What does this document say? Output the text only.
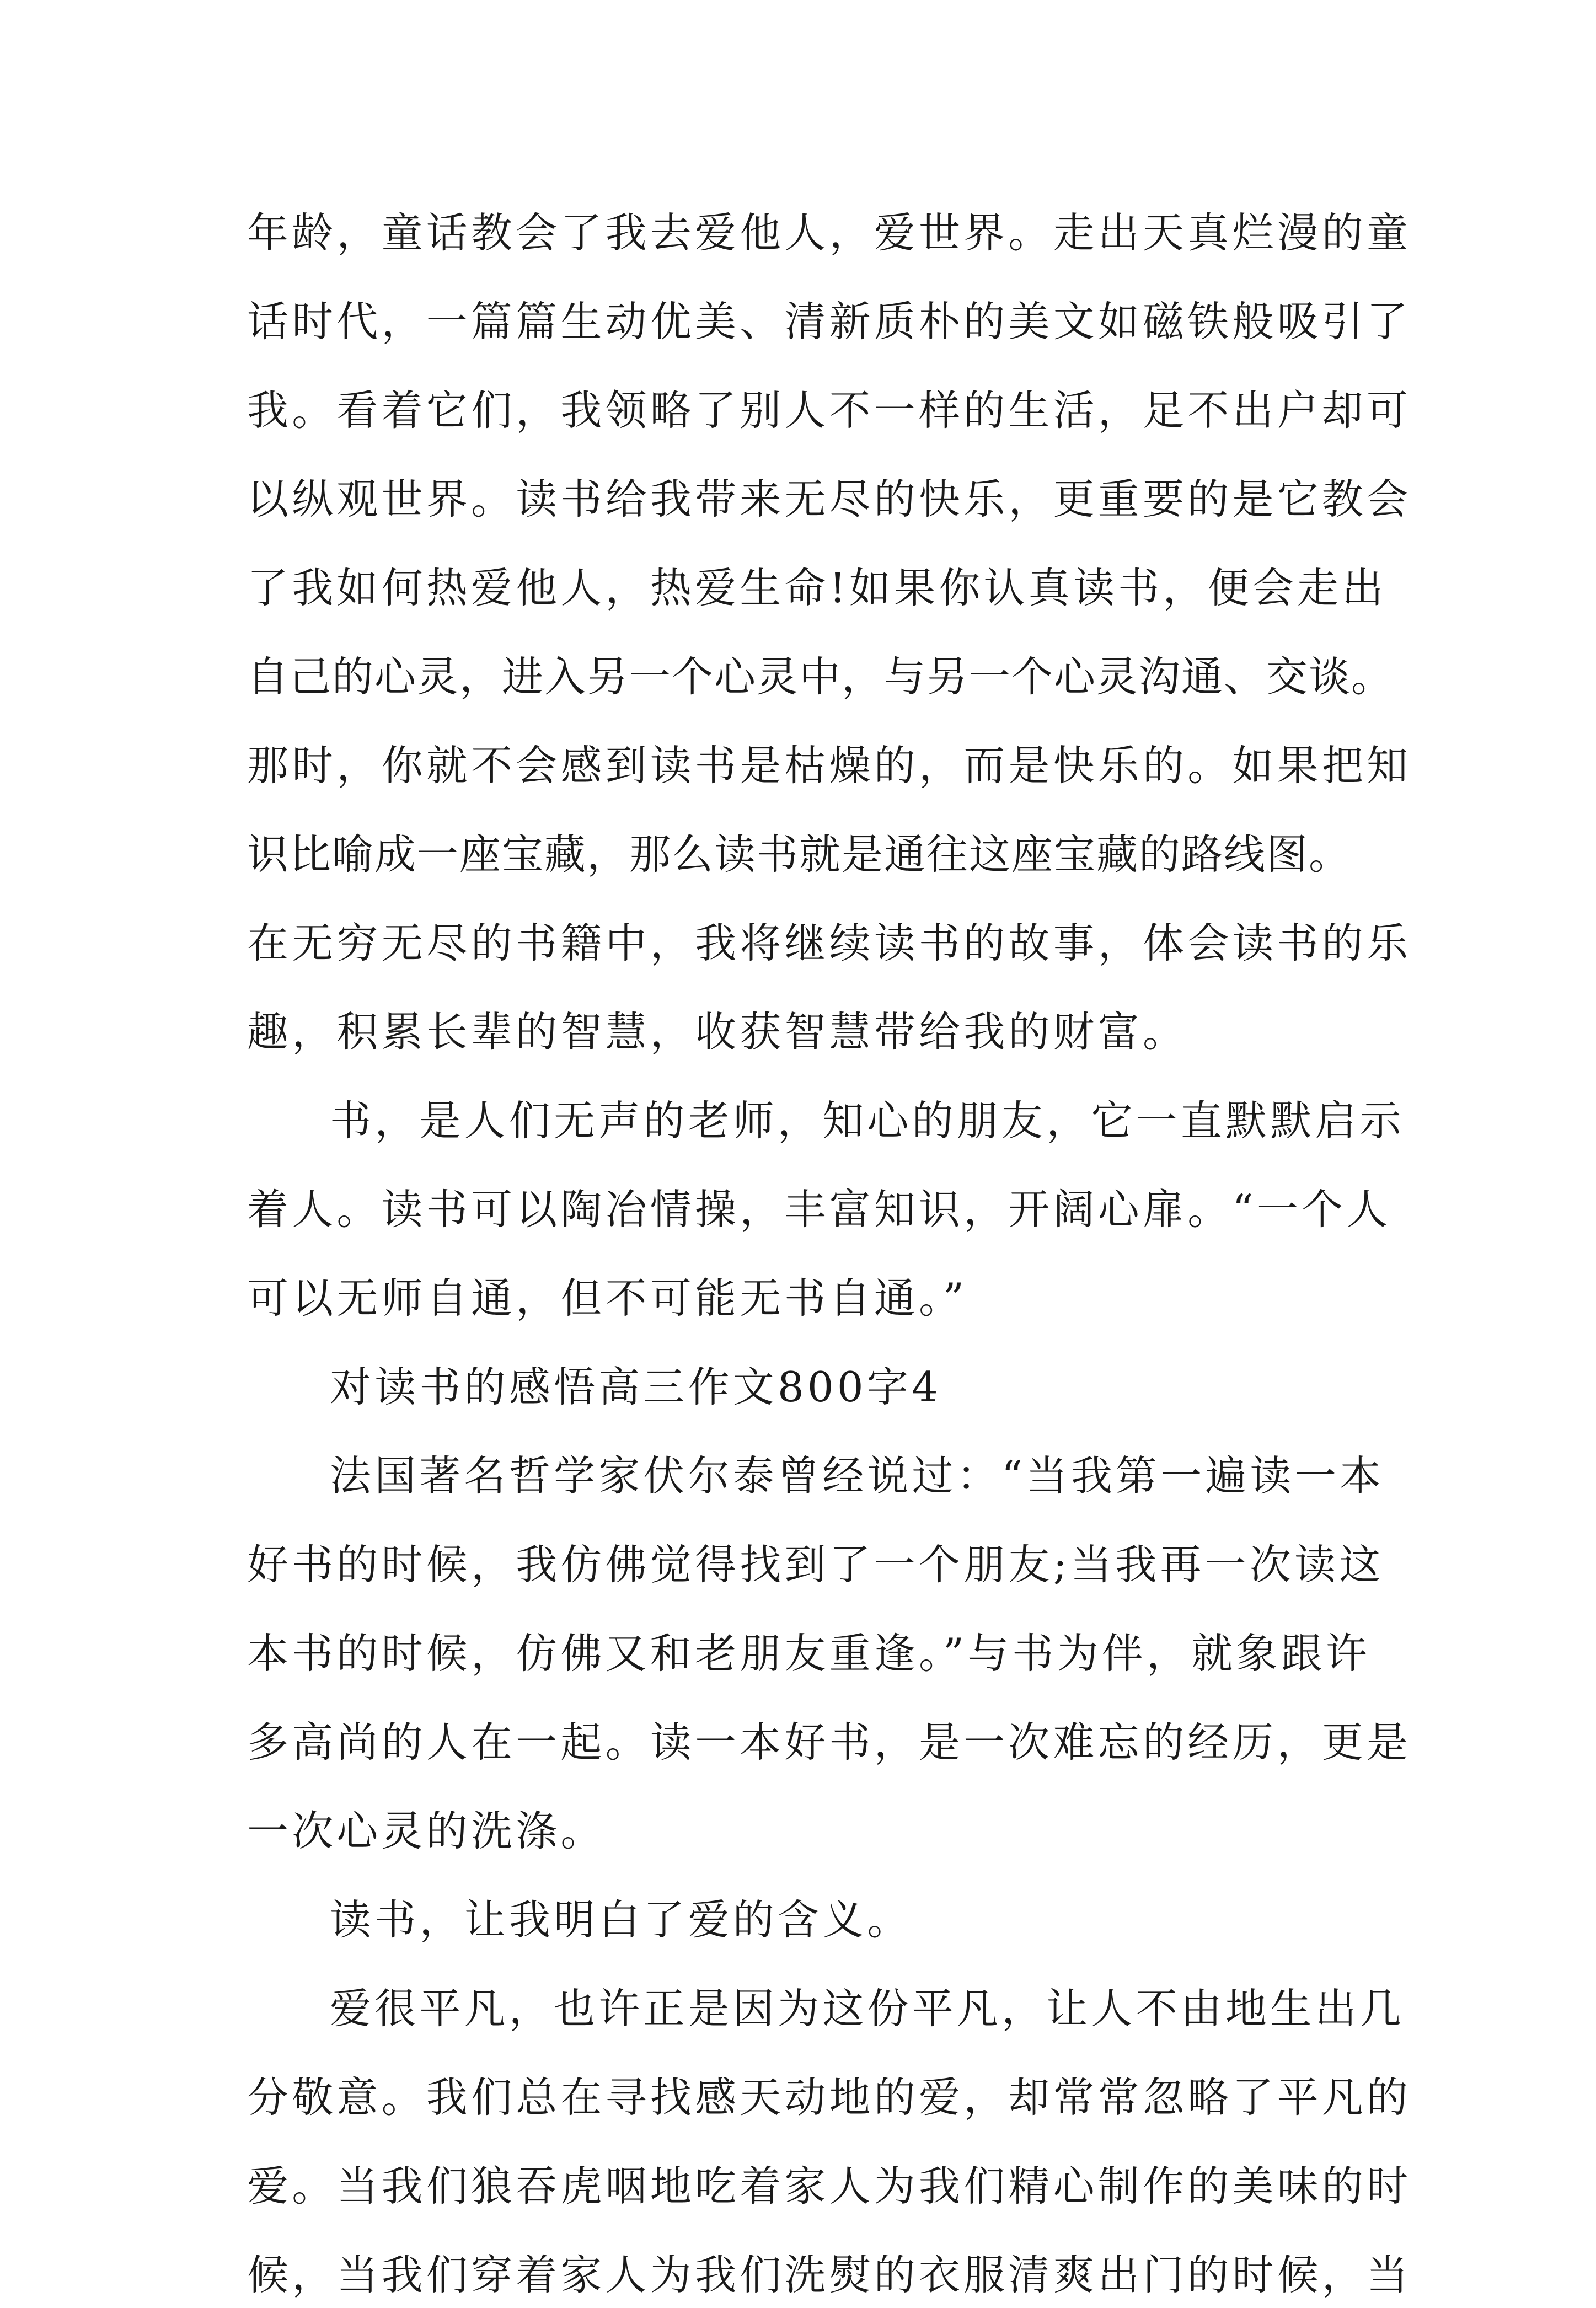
年龄，童话教会了我去爱他人，爱世界。走出天真烂漫的童
话时代，一篇篇生动优美、清新质朴的美文如磁铁般吸引了
我。看着它们，我领略了别人不一样的生活，足不出户却可
以纵观世界。读书给我带来无尽的快乐，更重要的是它教会
了我如何热爱他人，热爱生命!如果你认真读书，便会走出
自己的心灵，进入另一个心灵中，与另一个心灵沟通、交谈。
那时，你就不会感到读书是枯燥的，而是快乐的。如果把知
识比喻成一座宝藏，那么读书就是通往这座宝藏的路线图。
在无穷无尽的书籍中，我将继续读书的故事，体会读书的乐
趣，积累长辈的智慧，收获智慧带给我的财富。
书，是人们无声的老师，知心的朋友，它一直默默启示
着人。读书可以陶冶情操，丰富知识，开阔心扉。“一个人
可以无师自通，但不可能无书自通。”
对读书的感悟高三作文800字4
法国著名哲学家伏尔泰曾经说过：“当我第一遍读一本
好书的时候，我仿佛觉得找到了一个朋友;当我再一次读这
本书的时候，仿佛又和老朋友重逢。”与书为伴，就象跟许
多高尚的人在一起。读一本好书，是一次难忘的经历，更是
一次心灵的洗涤。
读书，让我明白了爱的含义。
爱很平凡，也许正是因为这份平凡，让人不由地生出几
分敬意。我们总在寻找感天动地的爱，却常常忽略了平凡的
爱。当我们狼吞虎咽地吃着家人为我们精心制作的美味的时
候，当我们穿着家人为我们洗熨的衣服清爽出门的时候，当
